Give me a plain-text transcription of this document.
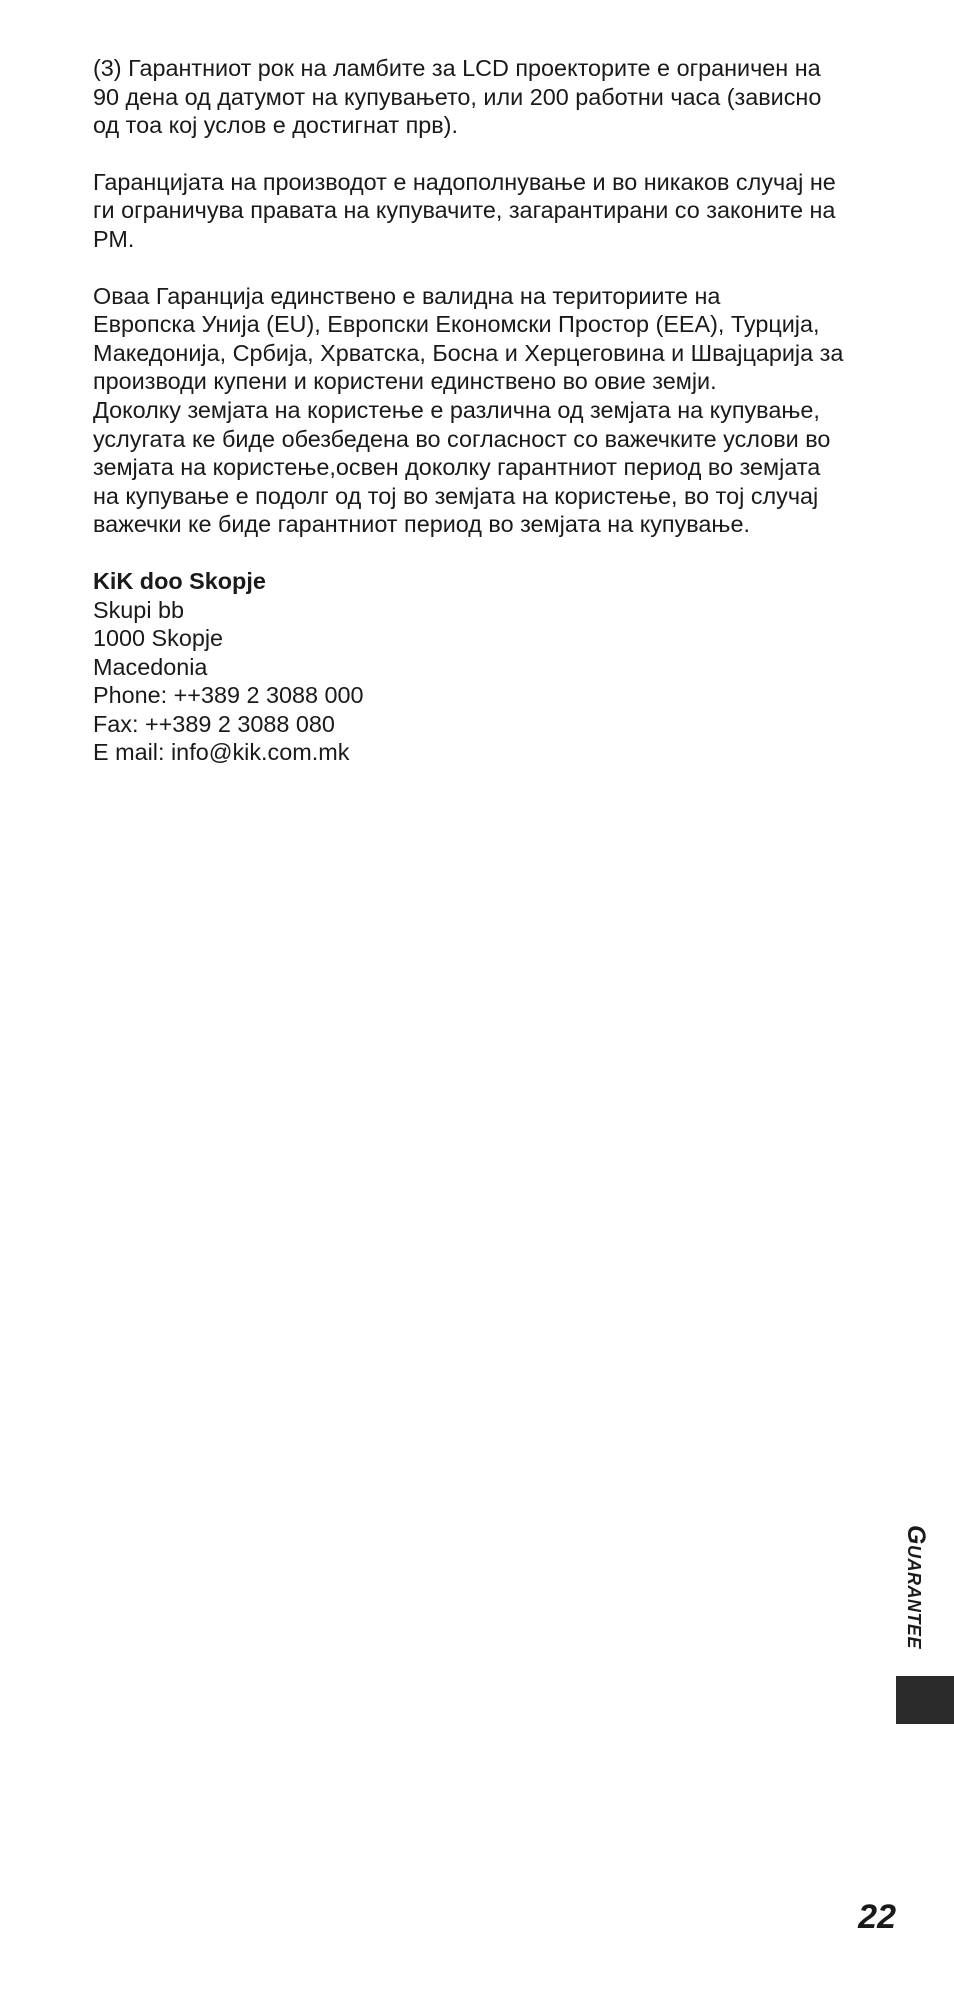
(3) Гарантниот рок на ламбите за LCD проекторите е ограничен на
90 дена од датумот на купувањето, или 200 работни часа (зависно
од тоа кој услов е достигнат прв).

Гаранцијата на производот е надополнување и во никаков случај не
ги ограничува правата на купувачите, загарантирани со законите на
РМ.

Оваа Гаранција единствено е валидна на териториите на
Европска Унија (EU), Европски Економски Простор (EEA), Турција,
Македонија, Србија, Хрватска, Босна и Херцеговина и Швајцарија за
производи купени и користени единствено во овие земји.
Доколку земјата на користење е различна од земјата на купување,
услугата ке биде обезбедена во согласност со важечките услови во
земјата на користење,освен доколку гарантниот период во земјата
на купување е подолг од тој во земјата на користење, во тој случај
важечки ке биде гарантниот период во земјата на купување.

KiK doo Skopje
Skupi bb
1000 Skopje
Macedonia
Phone: ++389 2 3088 000
Fax: ++389 2 3088 080
E mail: info@kik.com.mk
Guarantee
22
